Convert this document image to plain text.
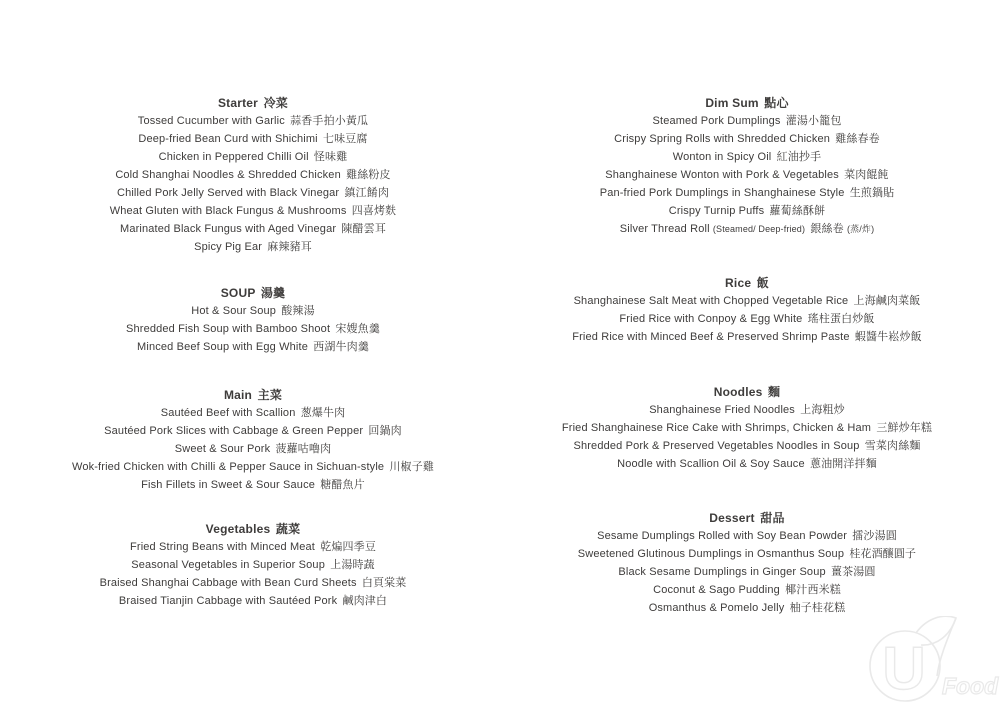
Starter 冷菜

Tossed Cucumber with Garlic 蒜香手拍小黃瓜

Deep-fried Bean Curd with Shichimi 七味豆腐

Chicken in Peppered Chilli Oil 怪味雞

Cold Shanghai Noodles & Shredded Chicken 雞絲粉皮

Chilled Pork Jelly Served with Black Vinegar 鎮江餚肉

Wheat Gluten with Black Fungus & Mushrooms 四喜烤麩

Marinated Black Fungus with Aged Vinegar 陳醋雲耳

Spicy Pig Ear 麻辣豬耳

SOUP 湯羹

Hot & Sour Soup 酸辣湯

Shredded Fish Soup with Bamboo Shoot 宋嫂魚羹

Minced Beef Soup with Egg White 西湖牛肉羹

Main 主菜

Sautéed Beef with Scallion 葱爆牛肉

Sautéed Pork Slices with Cabbage & Green Pepper 回鍋肉

Sweet & Sour Pork 菠蘿咕嚕肉

Wok-fried Chicken with Chilli & Pepper Sauce in Sichuan-style 川椒子雞

Fish Fillets in Sweet & Sour Sauce 糖醋魚片

Vegetables 蔬菜

Fried String Beans with Minced Meat 乾煸四季豆

Seasonal Vegetables in Superior Soup 上湯時蔬

Braised Shanghai Cabbage with Bean Curd Sheets 白頁棠菜

Braised Tianjin Cabbage with Sautéed Pork 鹹肉津白

Dim Sum 點心

Steamed Pork Dumplings 灌湯小籠包

Crispy Spring Rolls with Shredded Chicken 雞絲春卷

Wonton in Spicy Oil 紅油抄手

Shanghainese Wonton with Pork & Vegetables 菜肉餛飩

Pan-fried Pork Dumplings in Shanghainese Style 生煎鍋貼

Crispy Turnip Puffs 蘿蔔絲酥餅

Silver Thread Roll (Steamed/ Deep-fried) 銀絲卷 (蒸/炸)

Rice 飯

Shanghainese Salt Meat with Chopped Vegetable Rice 上海鹹肉菜飯

Fried Rice with Conpoy & Egg White 瑤柱蛋白炒飯

Fried Rice with Minced Beef & Preserved Shrimp Paste 蝦醬牛崧炒飯

Noodles 麵

Shanghainese Fried Noodles 上海粗炒

Fried Shanghainese Rice Cake with Shrimps, Chicken & Ham 三鮮炒年糕

Shredded Pork & Preserved Vegetables Noodles in Soup 雪菜肉絲麵

Noodle with Scallion Oil & Soy Sauce 蔥油開洋拌麵

Dessert 甜品

Sesame Dumplings Rolled with Soy Bean Powder 擂沙湯圓

Sweetened Glutinous Dumplings in Osmanthus Soup 桂花酒釀圓子

Black Sesame Dumplings in Ginger Soup 薑茶湯圓

Coconut & Sago Pudding 椰汁西米糕

Osmanthus & Pomelo Jelly 柚子桂花糕

U Food
